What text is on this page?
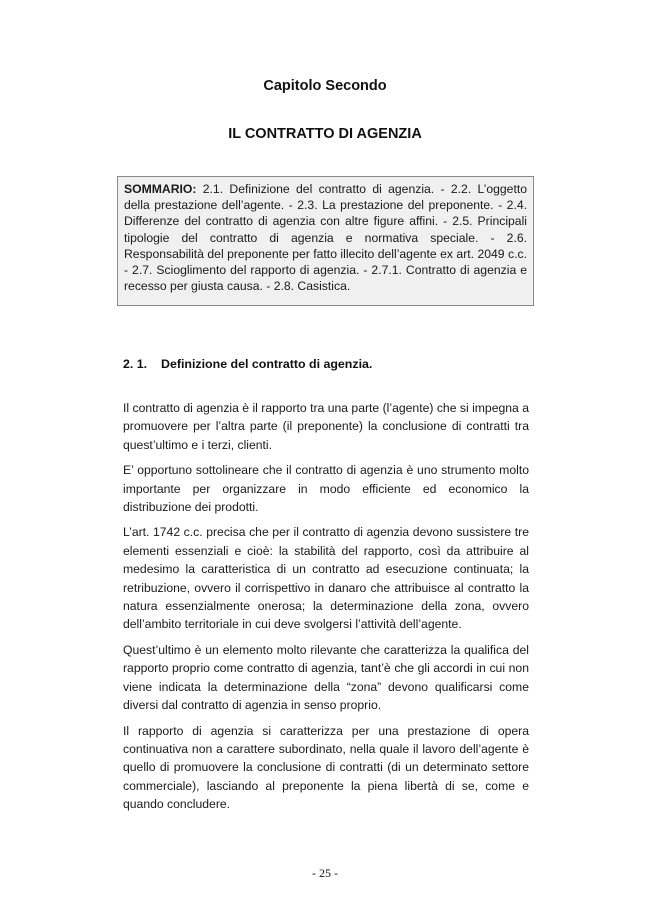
Capitolo Secondo
IL CONTRATTO DI AGENZIA
SOMMARIO: 2.1. Definizione del contratto di agenzia. - 2.2. L’oggetto della prestazione dell’agente. - 2.3. La prestazione del preponente. - 2.4. Differenze del contratto di agenzia con altre figure affini. - 2.5. Principali tipologie del contratto di agenzia e normativa speciale. - 2.6. Responsabilità del preponente per fatto illecito dell’agente ex art. 2049 c.c. - 2.7. Scioglimento del rapporto di agenzia. - 2.7.1. Contratto di agenzia e recesso per giusta causa. - 2.8. Casistica.
2. 1. Definizione del contratto di agenzia.

Il contratto di agenzia è il rapporto tra una parte (l’agente) che si impegna a promuovere per l’altra parte (il preponente) la conclusione di contratti tra quest’ultimo e i terzi, clienti.

E’ opportuno sottolineare che il contratto di agenzia è uno strumento molto importante per organizzare in modo efficiente ed economico la distribuzione dei prodotti.

L’art. 1742 c.c. precisa che per il contratto di agenzia devono sussistere tre elementi essenziali e cioè: la stabilità del rapporto, così da attribuire al medesimo la caratteristica di un contratto ad esecuzione continuata; la retribuzione, ovvero il corrispettivo in danaro che attribuisce al contratto la natura essenzialmente onerosa; la determinazione della zona, ovvero dell’ambito territoriale in cui deve svolgersi l’attività dell’agente.

Quest’ultimo è un elemento molto rilevante che caratterizza la qualifica del rapporto proprio come contratto di agenzia, tant’è che gli accordi in cui non viene indicata la determinazione della “zona” devono qualificarsi come diversi dal contratto di agenzia in senso proprio.

Il rapporto di agenzia si caratterizza per una prestazione di opera continuativa non a carattere subordinato, nella quale il lavoro dell’agente è quello di promuovere la conclusione di contratti (di un determinato settore commerciale), lasciando al preponente la piena libertà di se, come e quando concludere.

- 25 -
